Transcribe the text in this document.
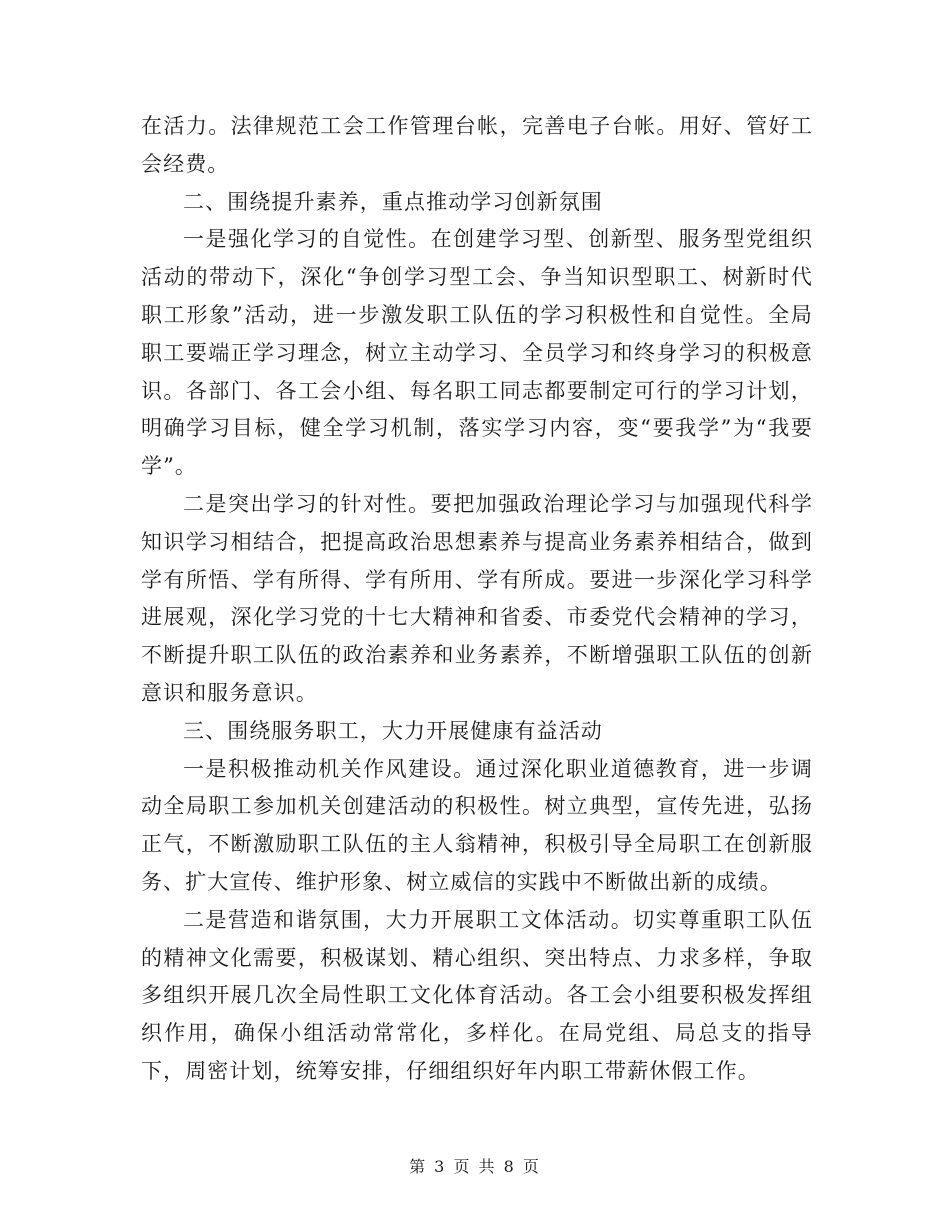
在活力。法律规范工会工作管理台帐，完善电子台帐。用好、管好工会经费。

二、围绕提升素养，重点推动学习创新氛围

一是强化学习的自觉性。在创建学习型、创新型、服务型党组织活动的带动下，深化“争创学习型工会、争当知识型职工、树新时代职工形象”活动，进一步激发职工队伍的学习积极性和自觉性。全局职工要端正学习理念，树立主动学习、全员学习和终身学习的积极意识。各部门、各工会小组、每名职工同志都要制定可行的学习计划，明确学习目标，健全学习机制，落实学习内容，变“要我学”为“我要学”。

二是突出学习的针对性。要把加强政治理论学习与加强现代科学知识学习相结合，把提高政治思想素养与提高业务素养相结合，做到学有所悟、学有所得、学有所用、学有所成。要进一步深化学习科学进展观，深化学习党的十七大精神和省委、市委党代会精神的学习，不断提升职工队伍的政治素养和业务素养，不断增强职工队伍的创新意识和服务意识。

三、围绕服务职工，大力开展健康有益活动

一是积极推动机关作风建设。通过深化职业道德教育，进一步调动全局职工参加机关创建活动的积极性。树立典型，宣传先进，弘扬正气，不断激励职工队伍的主人翁精神，积极引导全局职工在创新服务、扩大宣传、维护形象、树立威信的实践中不断做出新的成绩。

二是营造和谐氛围，大力开展职工文体活动。切实尊重职工队伍的精神文化需要，积极谋划、精心组织、突出特点、力求多样，争取多组织开展几次全局性职工文化体育活动。各工会小组要积极发挥组织作用，确保小组活动常常化，多样化。在局党组、局总支的指导下，周密计划，统筹安排，仔细组织好年内职工带薪休假工作。

第 3 页 共 8 页
